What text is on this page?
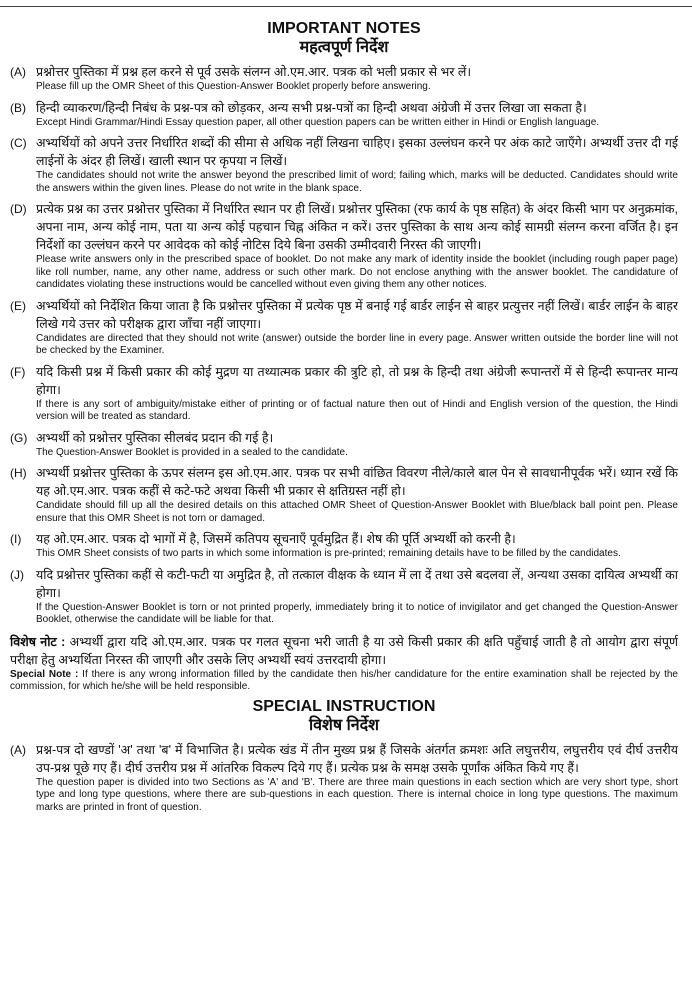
IMPORTANT NOTES
महत्वपूर्ण निर्देश
(A) प्रश्नोत्तर पुस्तिका में प्रश्न हल करने से पूर्व उसके संलग्न ओ.एम.आर. पत्रक को भली प्रकार से भर लें।
Please fill up the OMR Sheet of this Question-Answer Booklet properly before answering.
(B) हिन्दी व्याकरण/हिन्दी निबंध के प्रश्न-पत्र को छोड़कर, अन्य सभी प्रश्न-पत्रों का हिन्दी अथवा अंग्रेजी में उत्तर लिखा जा सकता है।
Except Hindi Grammar/Hindi Essay question paper, all other question papers can be written either in Hindi or English language.
(C) अभ्यर्थियों को अपने उत्तर निर्धारित शब्दों की सीमा से अधिक नहीं लिखना चाहिए। इसका उल्लंघन करने पर अंक काटे जाएँगे। अभ्यर्थी उत्तर दी गई लाईनों के अंदर ही लिखें। खाली स्थान पर कृपया न लिखें।
The candidates should not write the answer beyond the prescribed limit of word; failing which, marks will be deducted. Candidates should write the answers within the given lines. Please do not write in the blank space.
(D) प्रत्येक प्रश्न का उत्तर प्रश्नोत्तर पुस्तिका में निर्धारित स्थान पर ही लिखें। प्रश्नोत्तर पुस्तिका (रफ कार्य के पृष्ठ सहित) के अंदर किसी भाग पर अनुक्रमांक, अपना नाम, अन्य कोई नाम, पता या अन्य कोई पहचान चिह्न अंकित न करें। उत्तर पुस्तिका के साथ अन्य कोई सामग्री संलग्न करना वर्जित है। इन निर्देशों का उल्लंघन करने पर आवेदक को कोई नोटिस दिये बिना उसकी उम्मीदवारी निरस्त की जाएगी।
Please write answers only in the prescribed space of booklet. Do not make any mark of identity inside the booklet (including rough paper page) like roll number, name, any other name, address or such other mark. Do not enclose anything with the answer booklet. The candidature of candidates violating these instructions would be cancelled without even giving them any other notices.
(E) अभ्यर्थियों को निर्देशित किया जाता है कि प्रश्नोत्तर पुस्तिका में प्रत्येक पृष्ठ में बनाई गई बार्डर लाईन से बाहर प्रत्युत्तर नहीं लिखें। बार्डर लाईन के बाहर लिखे गये उत्तर को परीक्षक द्वारा जाँचा नहीं जाएगा।
Candidates are directed that they should not write (answer) outside the border line in every page. Answer written outside the border line will not be checked by the Examiner.
(F) यदि किसी प्रश्न में किसी प्रकार की कोई मुद्रण या तथ्यात्मक प्रकार की त्रुटि हो, तो प्रश्न के हिन्दी तथा अंग्रेजी रूपान्तरों में से हिन्दी रूपान्तर मान्य होगा।
If there is any sort of ambiguity/mistake either of printing or of factual nature then out of Hindi and English version of the question, the Hindi version will be treated as standard.
(G) अभ्यर्थी को प्रश्नोत्तर पुस्तिका सीलबंद प्रदान की गई है।
The Question-Answer Booklet is provided in a sealed to the candidate.
(H) अभ्यर्थी प्रश्नोत्तर पुस्तिका के ऊपर संलग्न इस ओ.एम.आर. पत्रक पर सभी वांछित विवरण नीले/काले बाल पेन से सावधानीपूर्वक भरें। ध्यान रखें कि यह ओ.एम.आर. पत्रक कहीं से कटे-फटे अथवा किसी भी प्रकार से क्षतिग्रस्त नहीं हो।
Candidate should fill up all the desired details on this attached OMR Sheet of Question-Answer Booklet with Blue/black ball point pen. Please ensure that this OMR Sheet is not torn or damaged.
(I)	यह ओ.एम.आर. पत्रक दो भागों में है, जिसमें कतिपय सूचनाएँ पूर्वमुद्रित हैं। शेष की पूर्ति अभ्यर्थी को करनी है।
This OMR Sheet consists of two parts in which some information is pre-printed; remaining details have to be filled by the candidates.
(J) यदि प्रश्नोत्तर पुस्तिका कहीं से कटी-फटी या अमुद्रित है, तो तत्काल वीक्षक के ध्यान में ला दें तथा उसे बदलवा लें, अन्यथा उसका दायित्व अभ्यर्थी का होगा।
If the Question-Answer Booklet is torn or not printed properly, immediately bring it to notice of invigilator and get changed the Question-Answer Booklet, otherwise the candidate will be liable for that.
विशेष नोट : अभ्यर्थी द्वारा यदि ओ.एम.आर. पत्रक पर गलत सूचना भरी जाती है या उसे किसी प्रकार की क्षति पहुँचाई जाती है तो आयोग द्वारा संपूर्ण परीक्षा हेतु अभ्यर्थिता निरस्त की जाएगी और उसके लिए अभ्यर्थी स्वयं उत्तरदायी होगा।
Special Note : If there is any wrong information filled by the candidate then his/her candidature for the entire examination shall be rejected by the commission, for which he/she will be held responsible.
SPECIAL INSTRUCTION
विशेष निर्देश
(A) प्रश्न-पत्र दो खण्डों 'अ' तथा 'ब' में विभाजित है। प्रत्येक खंड में तीन मुख्य प्रश्न हैं जिसके अंतर्गत क्रमशः अति लघुत्तरीय, लघुत्तरीय एवं दीर्घ उत्तरीय उप-प्रश्न पूछे गए हैं। दीर्घ उत्तरीय प्रश्न में आंतरिक विकल्प दिये गए हैं। प्रत्येक प्रश्न के समक्ष उसके पूर्णांक अंकित किये गए हैं।
The question paper is divided into two Sections as 'A' and 'B'. There are three main questions in each section which are very short type, short type and long type questions, where there are sub-questions in each question. There is internal choice in long type questions. The maximum marks are printed in front of question.
